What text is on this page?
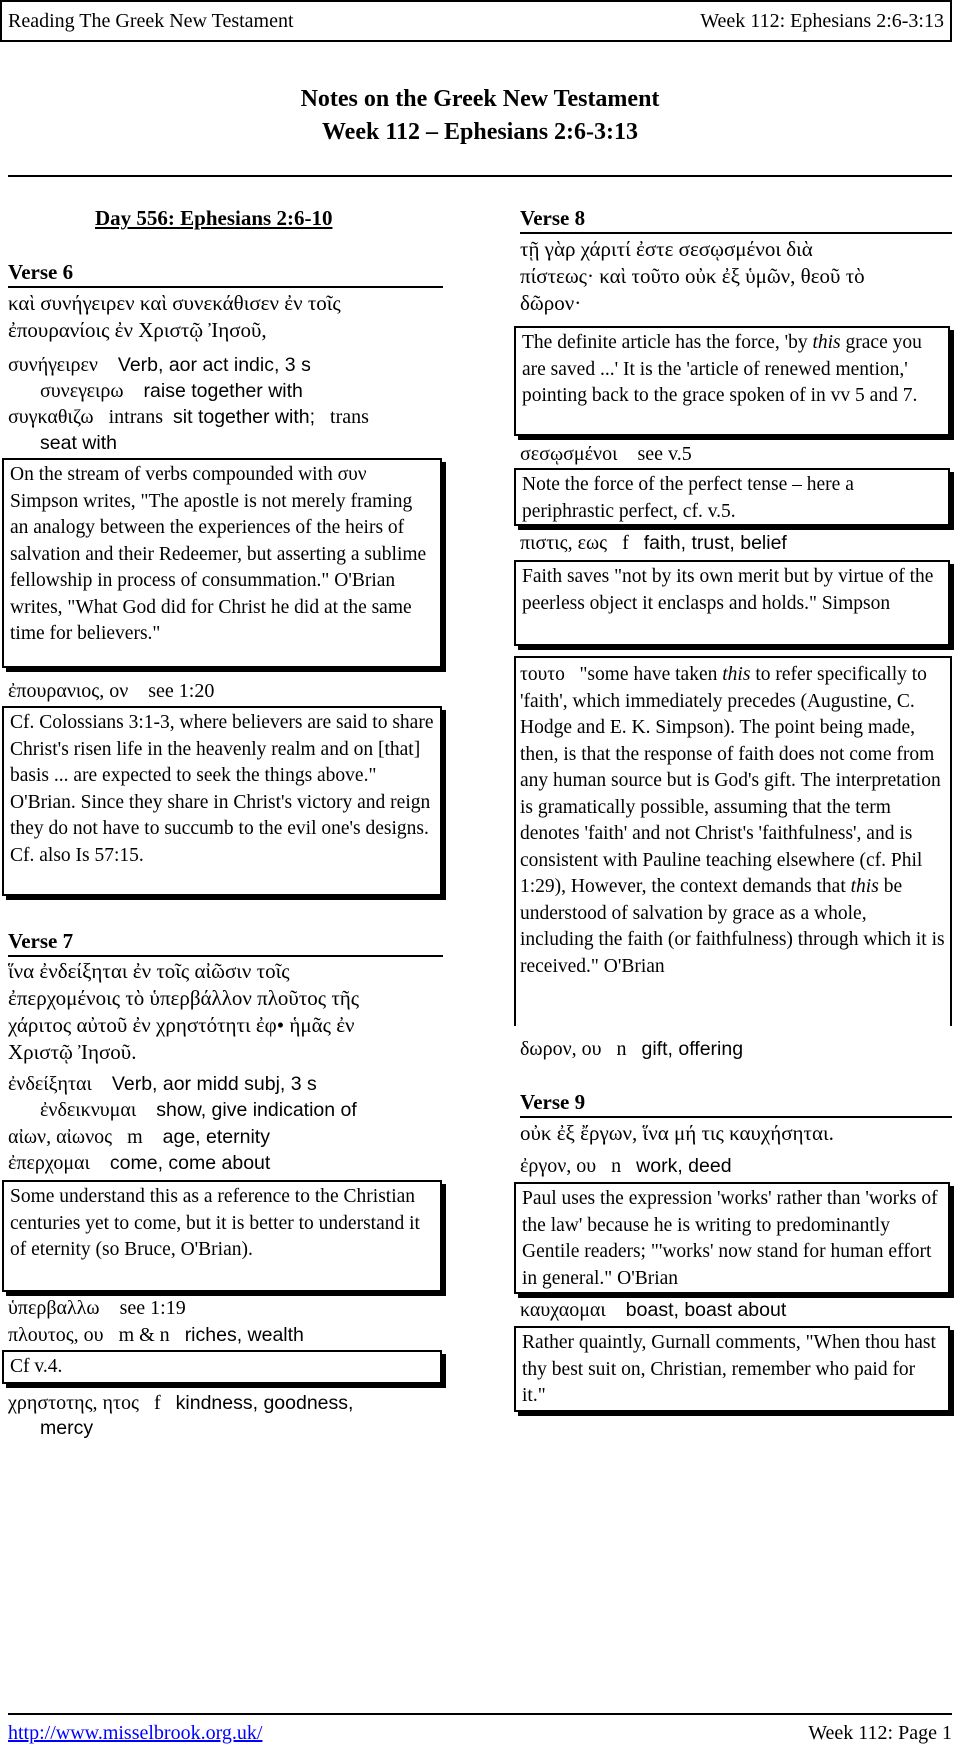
Reading The Greek New Testament	Week 112: Ephesians 2:6-3:13
Notes on the Greek New Testament
Week 112 – Ephesians 2:6-3:13
Day 556: Ephesians 2:6-10
Verse 6
καὶ συνήγειρεν καὶ συνεκάθισεν ἐν τοῖς
ἐπουρανίοις ἐν Χριστῷ Ἰησοῦ,
συνήγειρεν Verb, aor act indic, 3 s
συνεγειρω raise together with
συγκαθιζω intrans sit together with; trans
seat with
On the stream of verbs compounded with συν Simpson writes, "The apostle is not merely framing an analogy between the experiences of the heirs of salvation and their Redeemer, but asserting a sublime fellowship in process of consummation." O'Brian writes, "What God did for Christ he did at the same time for believers."
ἐπουρανιος, ον see 1:20
Cf. Colossians 3:1-3, where believers are said to share Christ's risen life in the heavenly realm and on [that] basis ... are expected to seek the things above." O'Brian. Since they share in Christ's victory and reign they do not have to succumb to the evil one's designs. Cf. also Is 57:15.
Verse 7
ἵνα ἐνδείξηται ἐν τοῖς αἰῶσιν τοῖς
ἐπερχομένοις τὸ ὑπερβάλλον πλοῦτος τῆς
χάριτος αὐτοῦ ἐν χρηστότητι ἐφ• ἡμᾶς ἐν
Χριστῷ Ἰησοῦ.
ἐνδείξηται Verb, aor midd subj, 3 s
ἐνδεικνυμαι show, give indication of
αἰων, αἰωνος m age, eternity
ἐπερχομαι come, come about
Some understand this as a reference to the Christian centuries yet to come, but it is better to understand it of eternity (so Bruce, O'Brian).
ὑπερβαλλω see 1:19
πλουτος, ου m & n riches, wealth
Cf v.4.
χρηστοτης, ητος f kindness, goodness,
mercy
Verse 8
τῇ γὰρ χάριτί ἐστε σεσῳσμένοι διὰ
πίστεως· καὶ τοῦτο οὐκ ἐξ ὑμῶν, θεοῦ τὸ
δῶρον·
The definite article has the force, 'by this grace you are saved ...' It is the 'article of renewed mention,' pointing back to the grace spoken of in vv 5 and 7.
σεσῳσμένοι see v.5
Note the force of the perfect tense – here a periphrastic perfect, cf. v.5.
πιστις, εως f faith, trust, belief
Faith saves "not by its own merit but by virtue of the peerless object it enclasps and holds." Simpson
τουτο "some have taken this to refer specifically to 'faith', which immediately precedes (Augustine, C. Hodge and E. K. Simpson). The point being made, then, is that the response of faith does not come from any human source but is God's gift. The interpretation is gramatically possible, assuming that the term denotes 'faith' and not Christ's 'faithfulness', and is consistent with Pauline teaching elsewhere (cf. Phil 1:29), However, the context demands that this be understood of salvation by grace as a whole, including the faith (or faithfulness) through which it is received." O'Brian
δωρον, ου n gift, offering
Verse 9
οὐκ ἐξ ἔργων, ἵνα μή τις καυχήσηται.
ἐργον, ου n work, deed
Paul uses the expression 'works' rather than 'works of the law' because he is writing to predominantly Gentile readers; "'works' now stand for human effort in general." O'Brian
καυχαομαι boast, boast about
Rather quaintly, Gurnall comments, "When thou hast thy best suit on, Christian, remember who paid for it."
http://www.misselbrook.org.uk/	Week 112: Page 1
